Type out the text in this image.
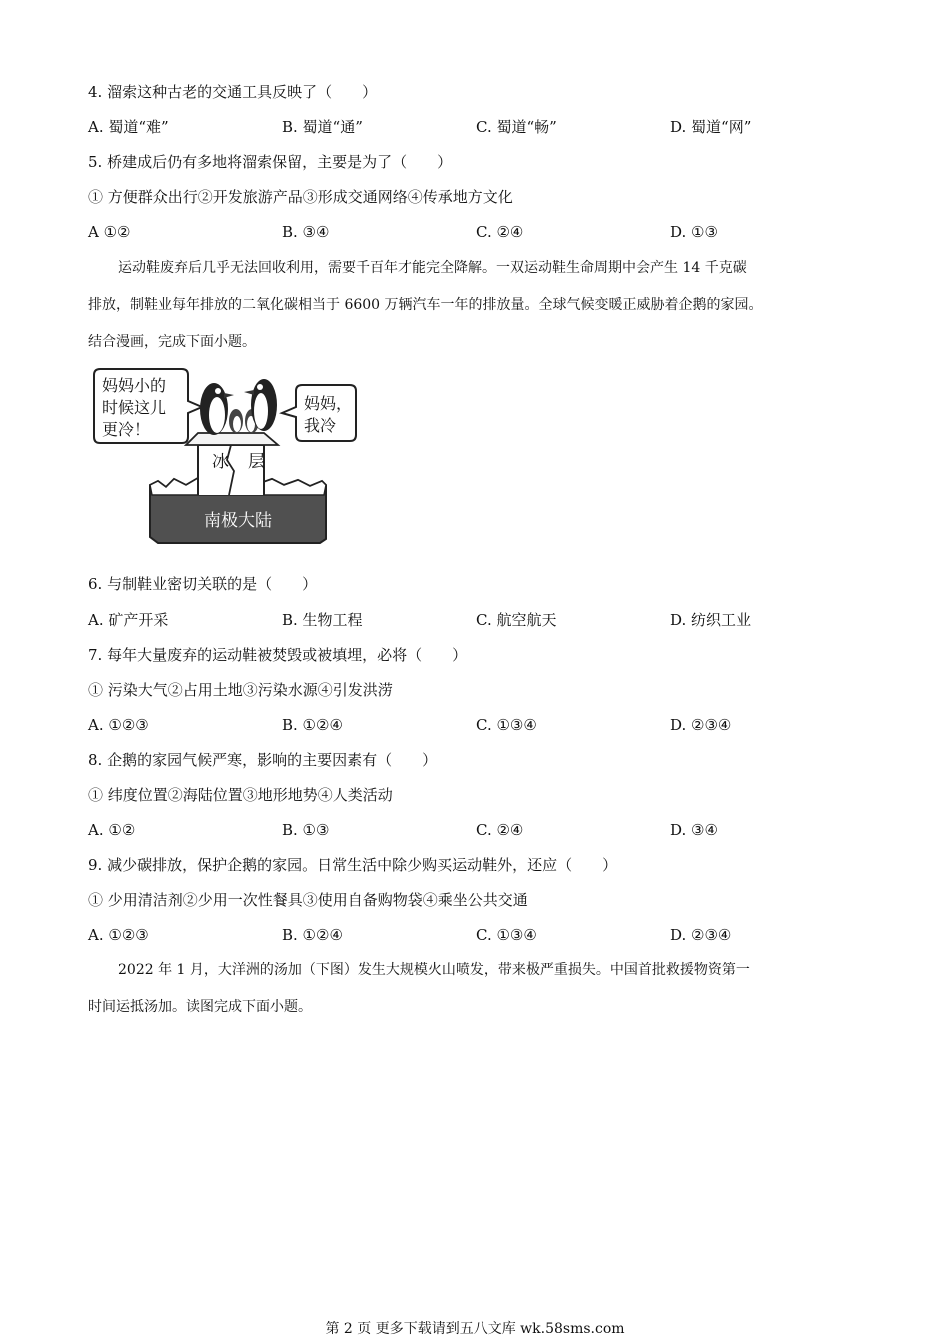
4. 溜索这种古老的交通工具反映了（　　）
A. 蜀道“难”	B. 蜀道“通”	C. 蜀道“畅”	D. 蜀道“网”
5. 桥建成后仍有多地将溜索保留，主要是为了（　　）
① 方便群众出行②开发旅游产品③形成交通网络④传承地方文化
A ①②	B. ③④	C. ②④	D. ①③
运动鞋废弃后几乎无法回收利用，需要千百年才能完全降解。一双运动鞋生命周期中会产生 14 千克碳
排放，制鞋业每年排放的二氧化碳相当于 6600 万辆汽车一年的排放量。全球气候变暖正威胁着企鹅的家园。
结合漫画，完成下面小题。
南极大陆
冰 层
妈妈小的
时候这儿
更冷！
妈妈，
我冷
6. 与制鞋业密切关联的是（　　）
A. 矿产开采	B. 生物工程	C. 航空航天	D. 纺织工业
7. 每年大量废弃的运动鞋被焚毁或被填埋，必将（　　）
① 污染大气②占用土地③污染水源④引发洪涝
A. ①②③	B. ①②④	C. ①③④	D. ②③④
8. 企鹅的家园气候严寒，影响的主要因素有（　　）
① 纬度位置②海陆位置③地形地势④人类活动
A. ①②	B. ①③	C. ②④	D. ③④
9. 减少碳排放，保护企鹅的家园。日常生活中除少购买运动鞋外，还应（　　）
① 少用清洁剂②少用一次性餐具③使用自备购物袋④乘坐公共交通
A. ①②③	B. ①②④	C. ①③④	D. ②③④
2022 年 1 月，大洋洲的汤加（下图）发生大规模火山喷发，带来极严重损失。中国首批救援物资第一
时间运抵汤加。读图完成下面小题。
第 2 页 更多下载请到五八文库 wk.58sms.com
